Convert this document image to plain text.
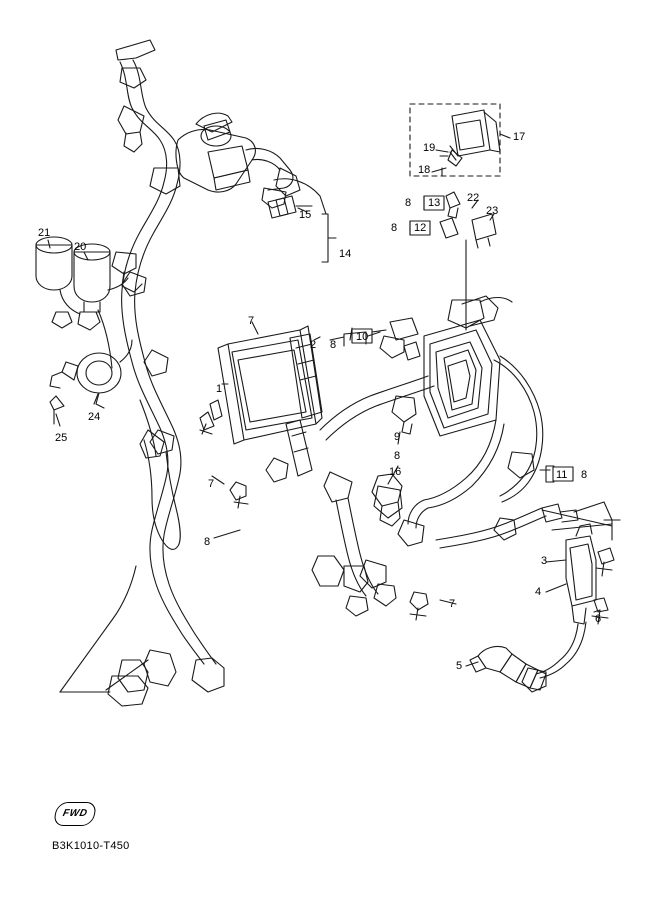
21
20
24
25
15
14
7
2 8
10
1
9
8
16
7
8
11 8
3
4
6
7
5
17
19
18
8 13 22
23
8 12
FWD
B3K1010-T450
